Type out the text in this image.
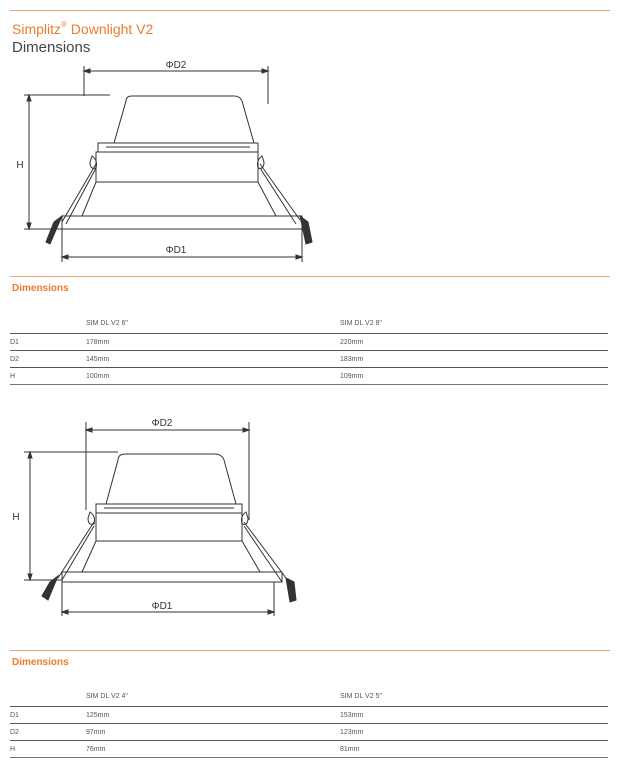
Simplitz® Downlight V2
Dimensions
ΦD2
ΦD1
H
Dimensions
	SIM DL V2 6"	SIM DL V2 8"
D1	178mm	220mm
D2	145mm	183mm
H	100mm	109mm
ΦD2
ΦD1
H
Dimensions
	SIM DL V2 4"	SIM DL V2 5"
D1	125mm	153mm
D2	97mm	123mm
H	76mm	81mm
